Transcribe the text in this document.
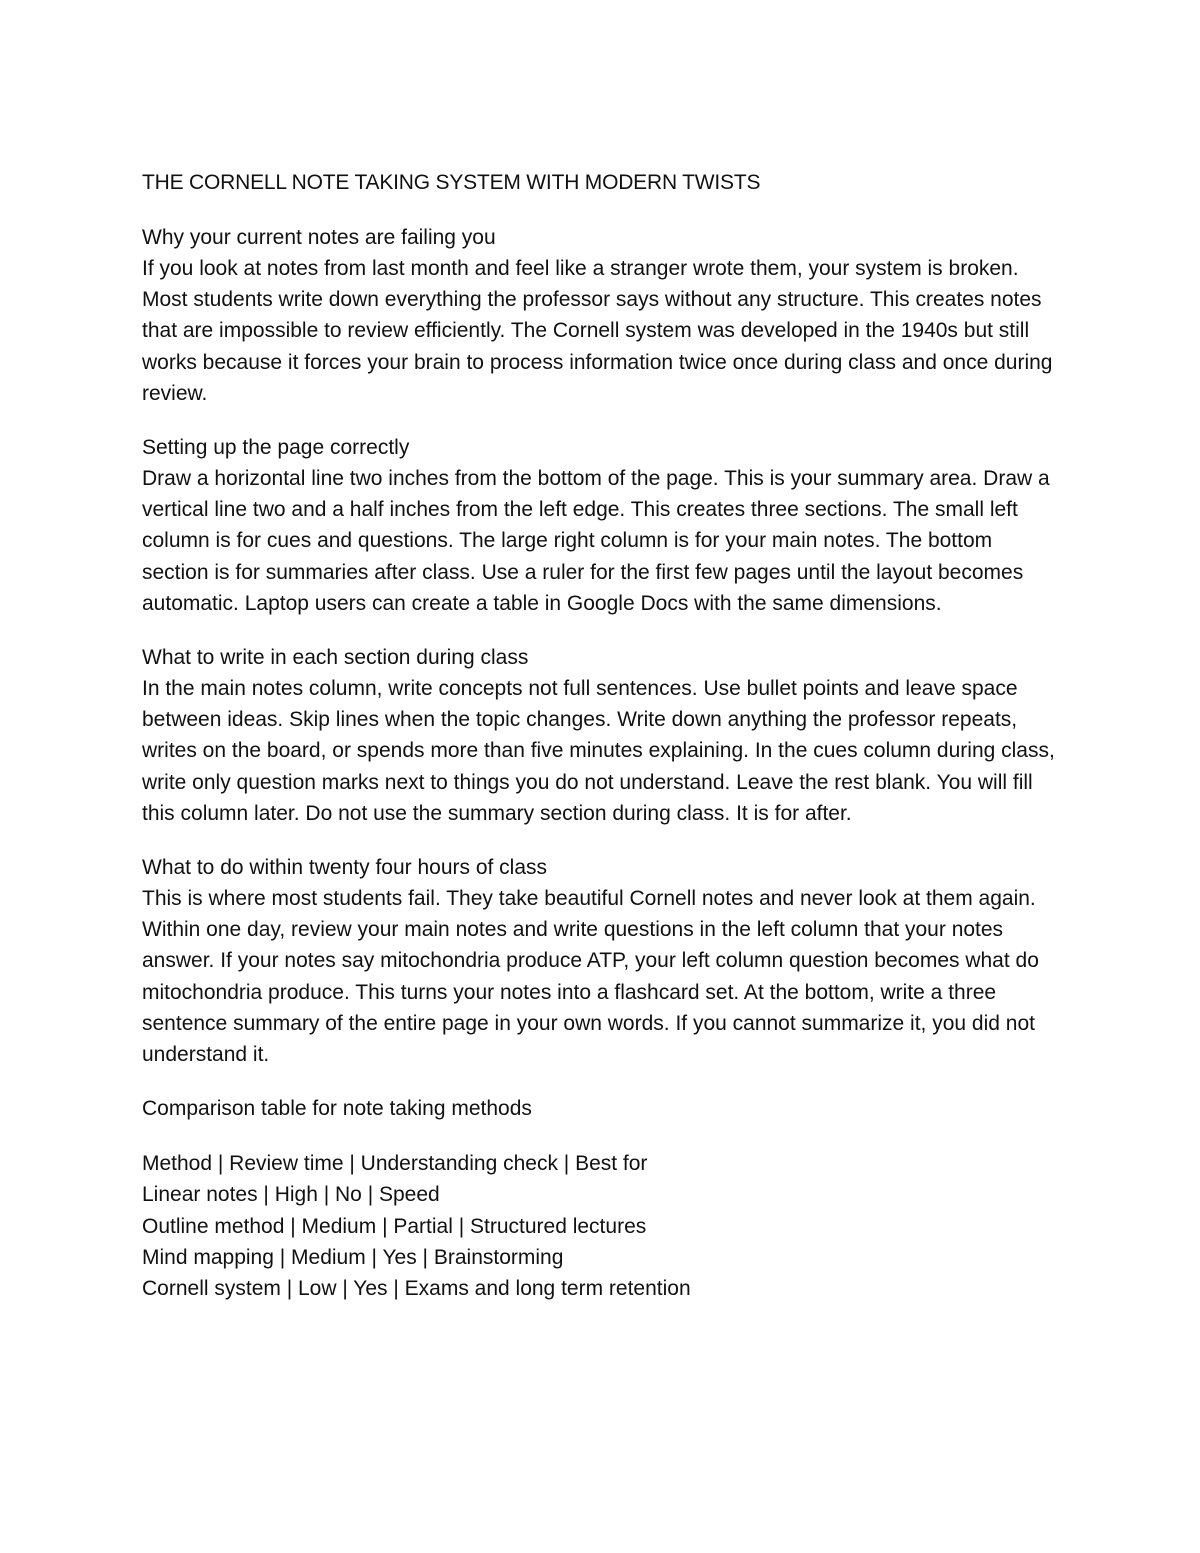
THE CORNELL NOTE TAKING SYSTEM WITH MODERN TWISTS

Why your current notes are failing you

If you look at notes from last month and feel like a stranger wrote them, your system is broken. Most students write down everything the professor says without any structure. This creates notes that are impossible to review efficiently. The Cornell system was developed in the 1940s but still works because it forces your brain to process information twice once during class and once during review.

Setting up the page correctly

Draw a horizontal line two inches from the bottom of the page. This is your summary area. Draw a vertical line two and a half inches from the left edge. This creates three sections. The small left column is for cues and questions. The large right column is for your main notes. The bottom section is for summaries after class. Use a ruler for the first few pages until the layout becomes automatic. Laptop users can create a table in Google Docs with the same dimensions.

What to write in each section during class

In the main notes column, write concepts not full sentences. Use bullet points and leave space between ideas. Skip lines when the topic changes. Write down anything the professor repeats, writes on the board, or spends more than five minutes explaining. In the cues column during class, write only question marks next to things you do not understand. Leave the rest blank. You will fill this column later. Do not use the summary section during class. It is for after.

What to do within twenty four hours of class

This is where most students fail. They take beautiful Cornell notes and never look at them again. Within one day, review your main notes and write questions in the left column that your notes answer. If your notes say mitochondria produce ATP, your left column question becomes what do mitochondria produce. This turns your notes into a flashcard set. At the bottom, write a three sentence summary of the entire page in your own words. If you cannot summarize it, you did not understand it.

Comparison table for note taking methods
Method | Review time | Understanding check | Best for
Linear notes | High | No | Speed
Outline method | Medium | Partial | Structured lectures
Mind mapping | Medium | Yes | Brainstorming
Cornell system | Low | Yes | Exams and long term retention
